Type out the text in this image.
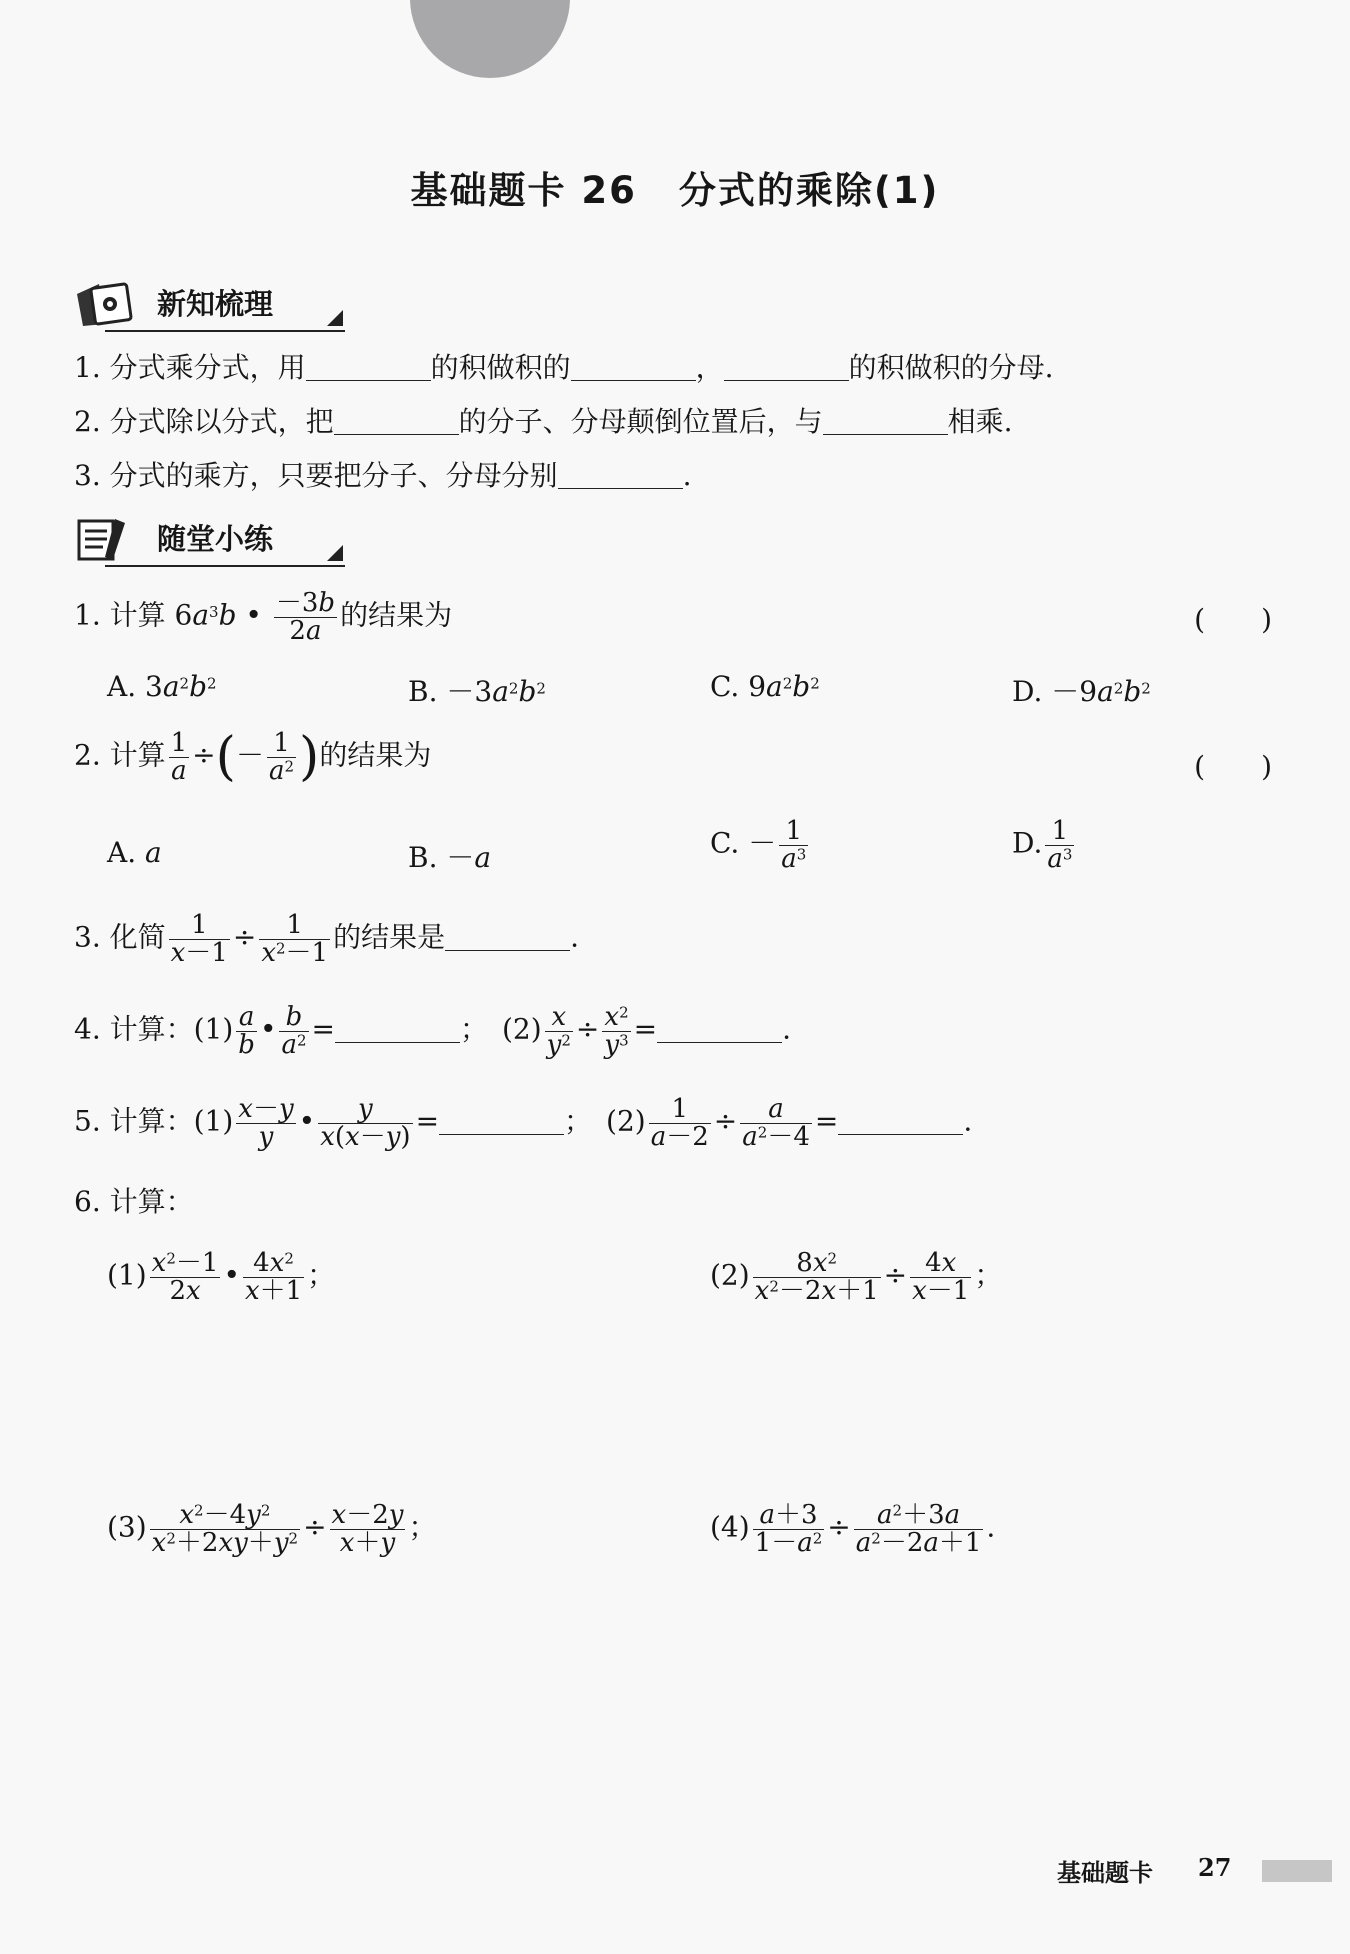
基础题卡 26 分式的乘除(1)
新知梳理
1. 分式乘分式，用	的积做积的	，	的积做积的分母.
2. 分式除以分式，把	的分子、分母颠倒位置后，与	相乘.
3. 分式的乘方，只要把分子、分母分别	.
随堂小练
1. 计算 $6a^3b$ • $\frac{-3b}{2a}$ 的结果为	(　　)
A. $3a^2b^2$	B. $-3a^2b^2$	C. $9a^2b^2$	D. $-9a^2b^2$
2. 计算 $\frac{1}{a}$ ÷(－ $\frac{1}{a^2}$ )的结果为	(　　)
A. a	B. －a	C. － $\frac{1}{a^3}$	D. $\frac{1}{a^3}$
3. 化简 $\frac{1}{x-1} \div \frac{1}{x^2-1}$ 的结果是	.
4. 计算：$(1) \frac{a}{b}$ • $\frac{b}{a^2}$ =	；　$(2) \frac{x}{y^2} \div \frac{x^2}{y^3}$ =	.
5. 计算：$(1) \frac{x-y}{y}$ • $\frac{y}{x(x-y)}$ =	；　$(2) \frac{1}{a-2} \div \frac{a}{a^2-4}$ =	.
6. 计算：
$(1) \frac{x^2-1}{2x}$ • $\frac{4x^2}{x+1}$ ；	$(2) \frac{8x^2}{x^2-2x+1} \div \frac{4x}{x-1}$ ；
$(3) \frac{x^2-4y^2}{x^2+2xy+y^2} \div \frac{x-2y}{x+y}$ ；	$(4) \frac{a+3}{1-a^2} \div \frac{a^2+3a}{a^2-2a+1}$ .
基础题卡 27
